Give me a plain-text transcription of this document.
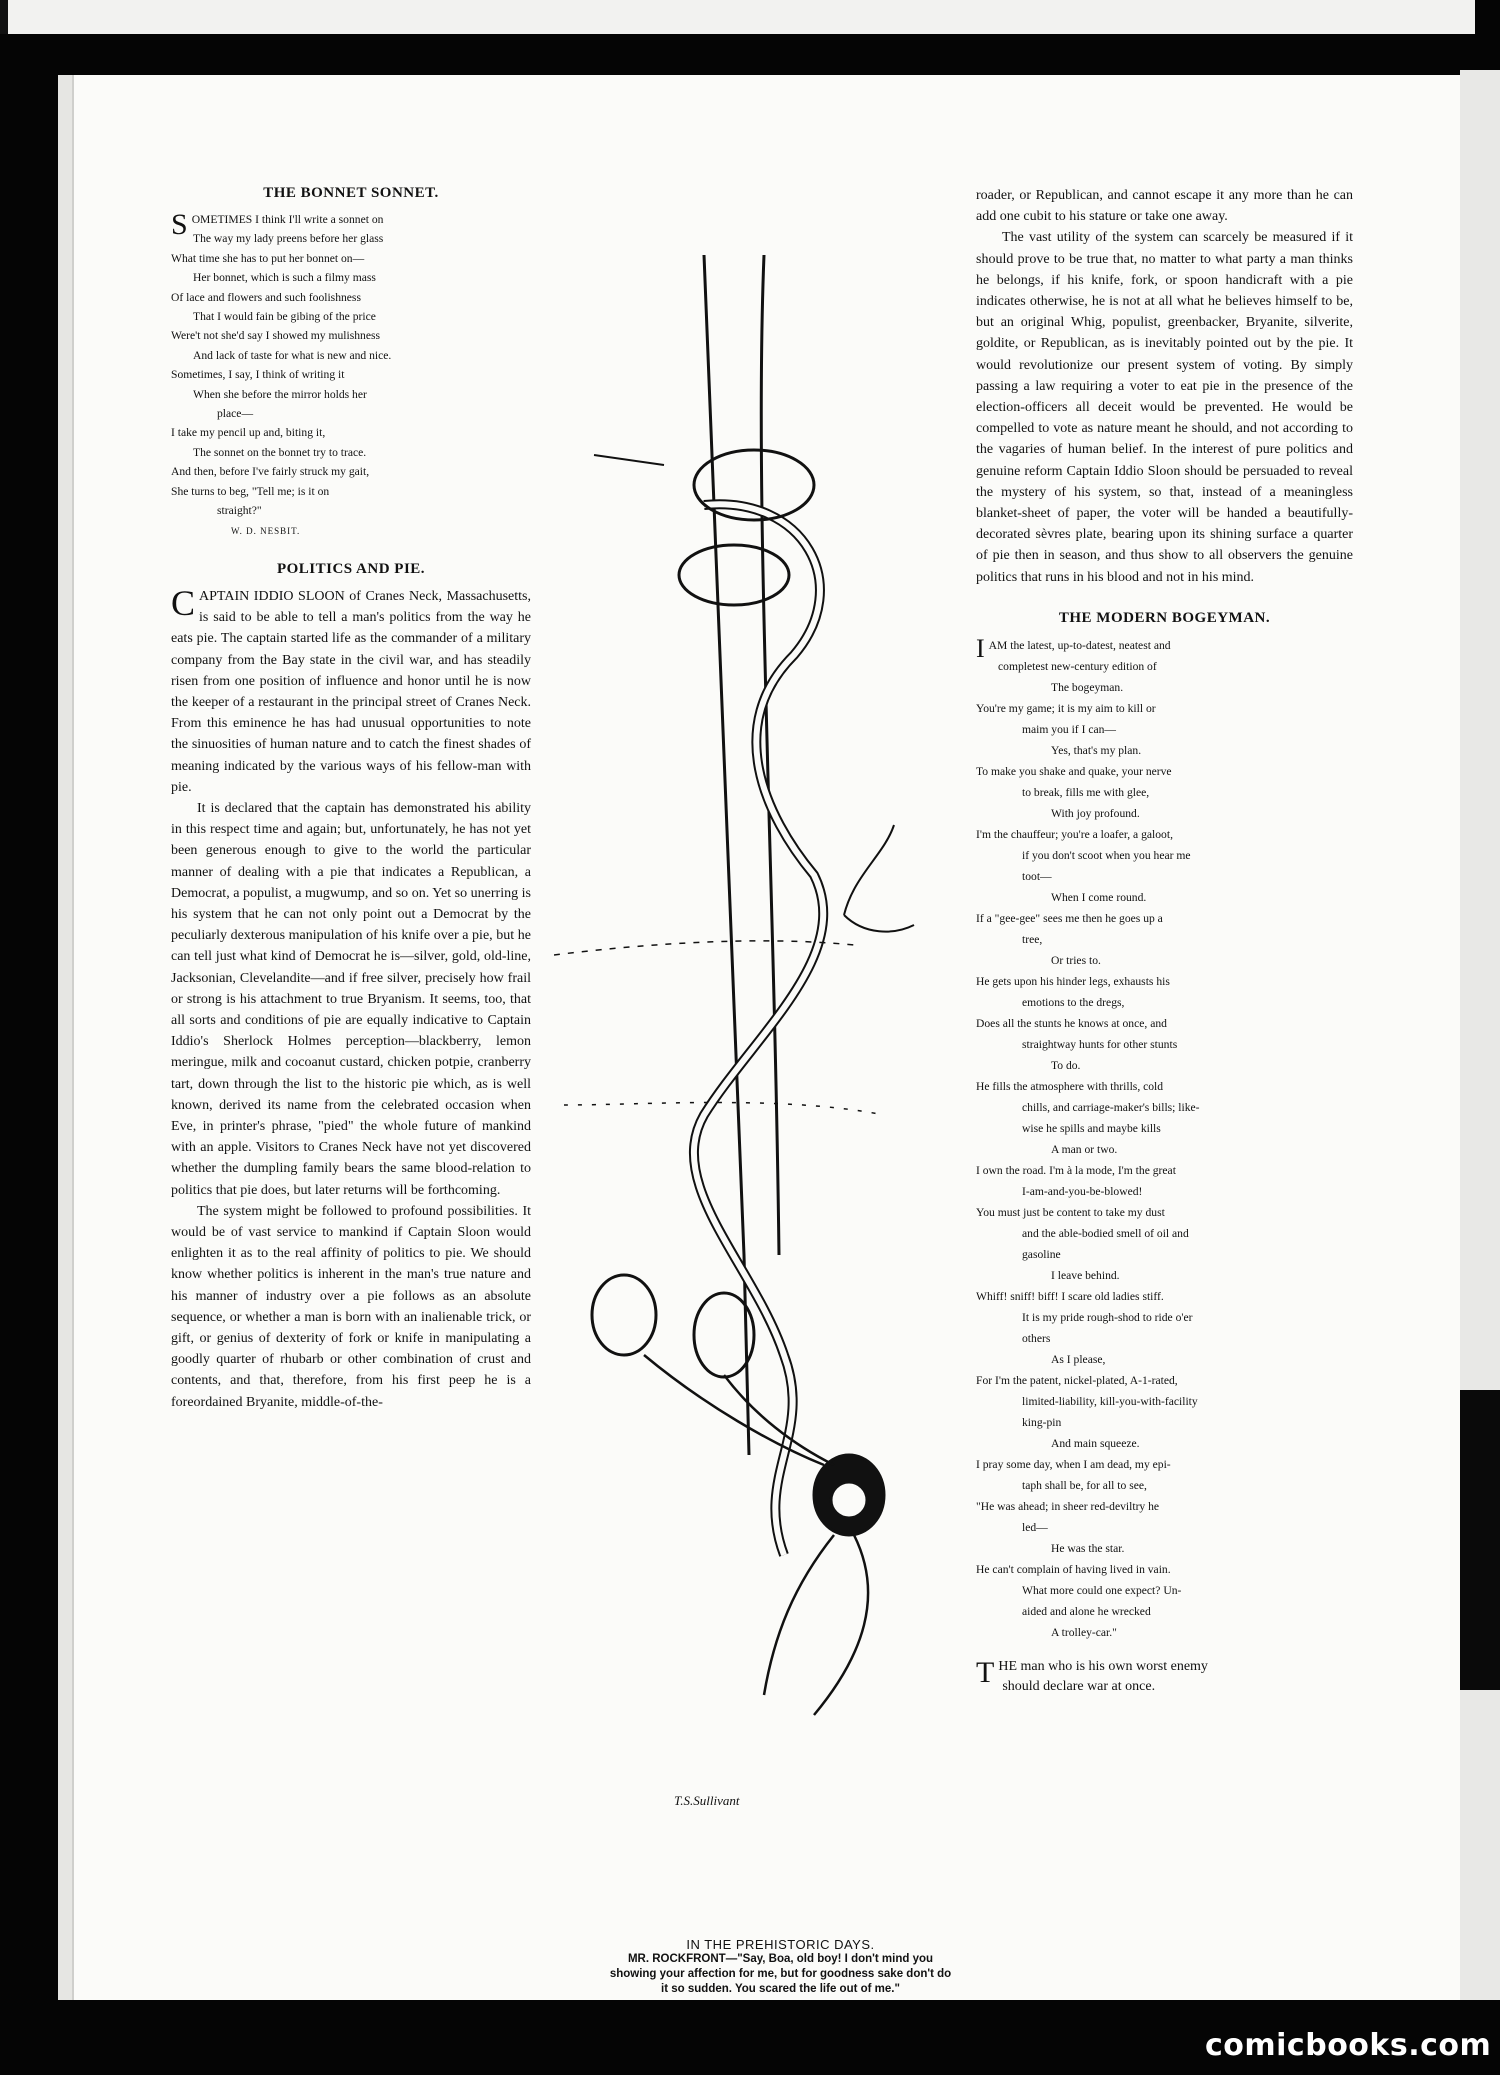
THE BONNET SONNET.
S OMETIMES I think I'll write a sonnet on
The way my lady preens before her glass
What time she has to put her bonnet on—
Her bonnet, which is such a filmy mass
Of lace and flowers and such foolishness
That I would fain be gibing of the price
Were't not she'd say I showed my mulishness
And lack of taste for what is new and nice.
Sometimes, I say, I think of writing it
When she before the mirror holds her
place—
I take my pencil up and, biting it,
The sonnet on the bonnet try to trace.
And then, before I've fairly struck my gait,
She turns to beg, "Tell me; is it on
straight?"
W. D. NESBIT.
POLITICS AND PIE.

CAPTAIN IDDIO SLOON of Cranes Neck, Massachusetts, is said to be able to tell a man's politics from the way he eats pie. The captain started life as the commander of a military company from the Bay state in the civil war, and has steadily risen from one position of influence and honor until he is now the keeper of a restaurant in the principal street of Cranes Neck. From this eminence he has had unusual opportunities to note the sinuosities of human nature and to catch the finest shades of meaning indicated by the various ways of his fellow-man with pie.

It is declared that the captain has demonstrated his ability in this respect time and again; but, unfortunately, he has not yet been generous enough to give to the world the particular manner of dealing with a pie that indicates a Republican, a Democrat, a populist, a mugwump, and so on. Yet so unerring is his system that he can not only point out a Democrat by the peculiarly dexterous manipulation of his knife over a pie, but he can tell just what kind of Democrat he is—silver, gold, old-line, Jacksonian, Clevelandite—and if free silver, precisely how frail or strong is his attachment to true Bryanism. It seems, too, that all sorts and conditions of pie are equally indicative to Captain Iddio's Sherlock Holmes perception—blackberry, lemon meringue, milk and cocoanut custard, chicken potpie, cranberry tart, down through the list to the historic pie which, as is well known, derived its name from the celebrated occasion when Eve, in printer's phrase, "pied" the whole future of mankind with an apple. Visitors to Cranes Neck have not yet discovered whether the dumpling family bears the same blood-relation to politics that pie does, but later returns will be forthcoming.

The system might be followed to profound possibilities. It would be of vast service to mankind if Captain Sloon would enlighten it as to the real affinity of politics to pie. We should know whether politics is inherent in the man's true nature and his manner of industry over a pie follows as an absolute sequence, or whether a man is born with an inalienable trick, or gift, or genius of dexterity of fork or knife in manipulating a goodly quarter of rhubarb or other combination of crust and contents, and that, therefore, from his first peep he is a foreordained Bryanite, middle-of-the-

T.S.Sullivant
IN THE PREHISTORIC DAYS.
MR. ROCKFRONT—"Say, Boa, old boy! I don't mind you
showing your affection for me, but for goodness sake don't do
it so sudden. You scared the life out of me."

roader, or Republican, and cannot escape it any more than he can add one cubit to his stature or take one away.

The vast utility of the system can scarcely be measured if it should prove to be true that, no matter to what party a man thinks he belongs, if his knife, fork, or spoon handicraft with a pie indicates otherwise, he is not at all what he believes himself to be, but an original Whig, populist, greenbacker, Bryanite, silverite, goldite, or Republican, as is inevitably pointed out by the pie. It would revolutionize our present system of voting. By simply passing a law requiring a voter to eat pie in the presence of the election-officers all deceit would be prevented. He would be compelled to vote as nature meant he should, and not according to the vagaries of human belief. In the interest of pure politics and genuine reform Captain Iddio Sloon should be persuaded to reveal the mystery of his system, so that, instead of a meaningless blanket-sheet of paper, the voter will be handed a beautifully-decorated sèvres plate, bearing upon its shining surface a quarter of pie then in season, and thus show to all observers the genuine politics that runs in his blood and not in his mind.

THE MODERN BOGEYMAN.
I AM the latest, up-to-datest, neatest and
completest new-century edition of
The bogeyman.
You're my game; it is my aim to kill or
maim you if I can—
Yes, that's my plan.
To make you shake and quake, your nerve
to break, fills me with glee,
With joy profound.
I'm the chauffeur; you're a loafer, a galoot,
if you don't scoot when you hear me
toot—
When I come round.
If a "gee-gee" sees me then he goes up a
tree,
Or tries to.
He gets upon his hinder legs, exhausts his
emotions to the dregs,
Does all the stunts he knows at once, and
straightway hunts for other stunts
To do.
He fills the atmosphere with thrills, cold
chills, and carriage-maker's bills; like-
wise he spills and maybe kills
A man or two.
I own the road. I'm à la mode, I'm the great
I-am-and-you-be-blowed!
You must just be content to take my dust
and the able-bodied smell of oil and
gasoline
I leave behind.
Whiff! sniff! biff! I scare old ladies stiff.
It is my pride rough-shod to ride o'er
others
As I please,
For I'm the patent, nickel-plated, A-1-rated,
limited-liability, kill-you-with-facility
king-pin
And main squeeze.
I pray some day, when I am dead, my epi-
taph shall be, for all to see,
"He was ahead; in sheer red-deviltry he
led—
He was the star.
He can't complain of having lived in vain.
What more could one expect? Un-
aided and alone he wrecked
A trolley-car."
T HE man who is his own worst enemy
should declare war at once.
comicbooks.com
